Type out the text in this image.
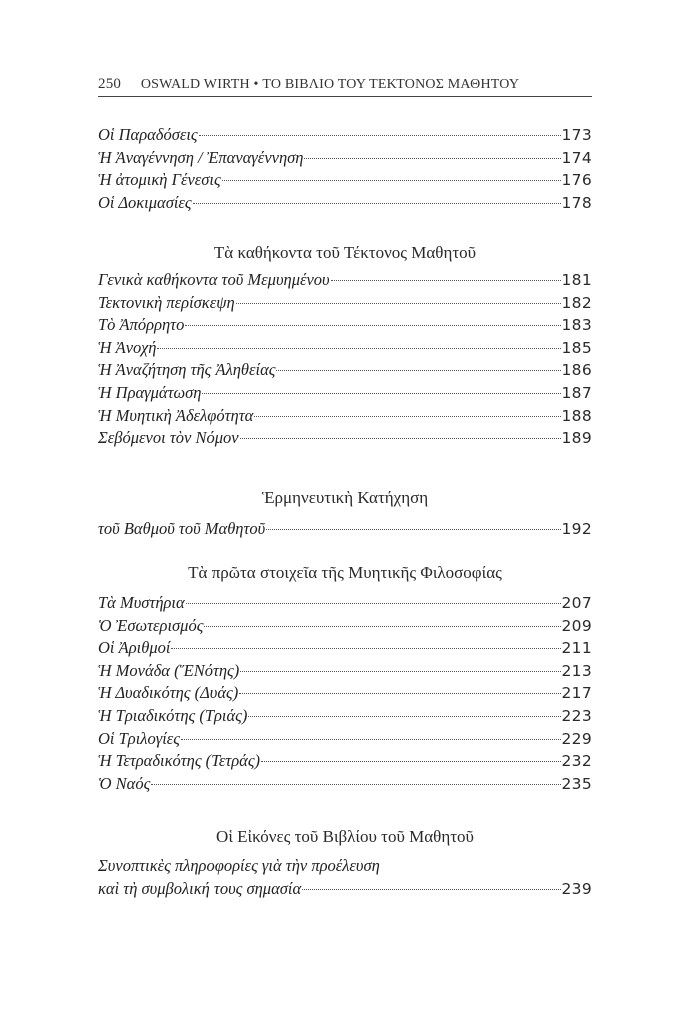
250 OSWALD WIRTH • ΤΟ ΒΙΒΛΙΟ ΤΟΥ ΤΕΚΤΟΝΟΣ ΜΑΘΗΤΟΥ
Οἱ Παραδόσεις	173
Ἡ Ἀναγέννηση / Ἐπαναγέννηση	174
Ἡ ἀτομικὴ Γένεσις	176
Οἱ Δοκιμασίες	178
Τὰ καθήκοντα τοῦ Τέκτονος Μαθητοῦ
Γενικὰ καθήκοντα τοῦ Μεμυημένου	181
Τεκτονικὴ περίσκεψη	182
Τὸ Ἀπόρρητο	183
Ἡ Ἀνοχή	185
Ἡ Ἀναζήτηση τῆς Ἀληθείας	186
Ἡ Πραγμάτωση	187
Ἡ Μυητικὴ Ἀδελφότητα	188
Σεβόμενοι τὸν Νόμον	189
Ἑρμηνευτικὴ Κατήχηση
τοῦ Βαθμοῦ τοῦ Μαθητοῦ	192
Τὰ πρῶτα στοιχεῖα τῆς Μυητικῆς Φιλοσοφίας
Τὰ Μυστήρια	207
Ὁ Ἐσωτερισμός	209
Οἱ Ἀριθμοί	211
Ἡ Μονάδα (ἝΝότης)	213
Ἡ Δυαδικότης (Δυάς)	217
Ἡ Τριαδικότης (Τριάς)	223
Οἱ Τριλογίες	229
Ἡ Τετραδικότης (Τετράς)	232
Ὁ Ναός	235
Οἱ Εἰκόνες τοῦ Βιβλίου τοῦ Μαθητοῦ
Συνοπτικὲς πληροφορίες γιὰ τὴν προέλευση
καὶ τὴ συμβολική τους σημασία	239
